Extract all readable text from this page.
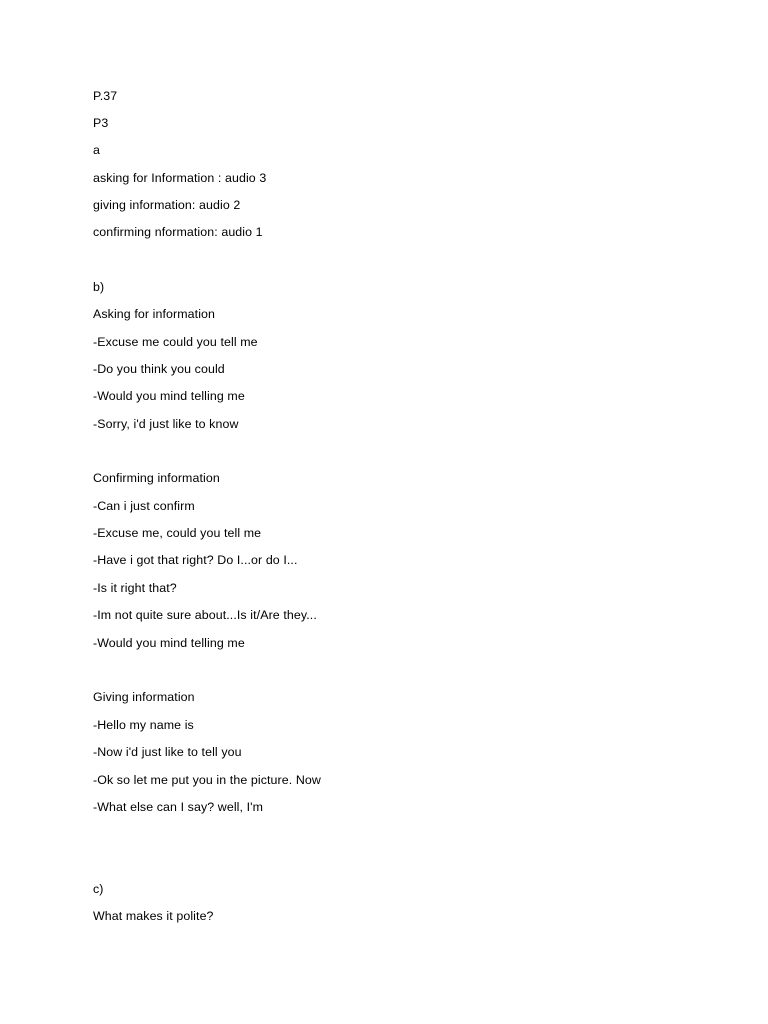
P.37

P3

a

asking for Information : audio 3

giving information: audio 2

confirming nformation: audio 1

b)

Asking for information

-Excuse me could you tell me

-Do you think you could

-Would you mind telling me

-Sorry, i'd just like to know

Confirming information

-Can i just confirm

-Excuse me, could you tell me

-Have i got that right? Do I...or do I...

-Is it right that?

-Im not quite sure about...Is it/Are they...

-Would you mind telling me

Giving information

-Hello my name is

-Now i'd just like to tell you

-Ok so let me put you in the picture. Now

-What else can I say? well, I'm

c)

What makes it polite?
